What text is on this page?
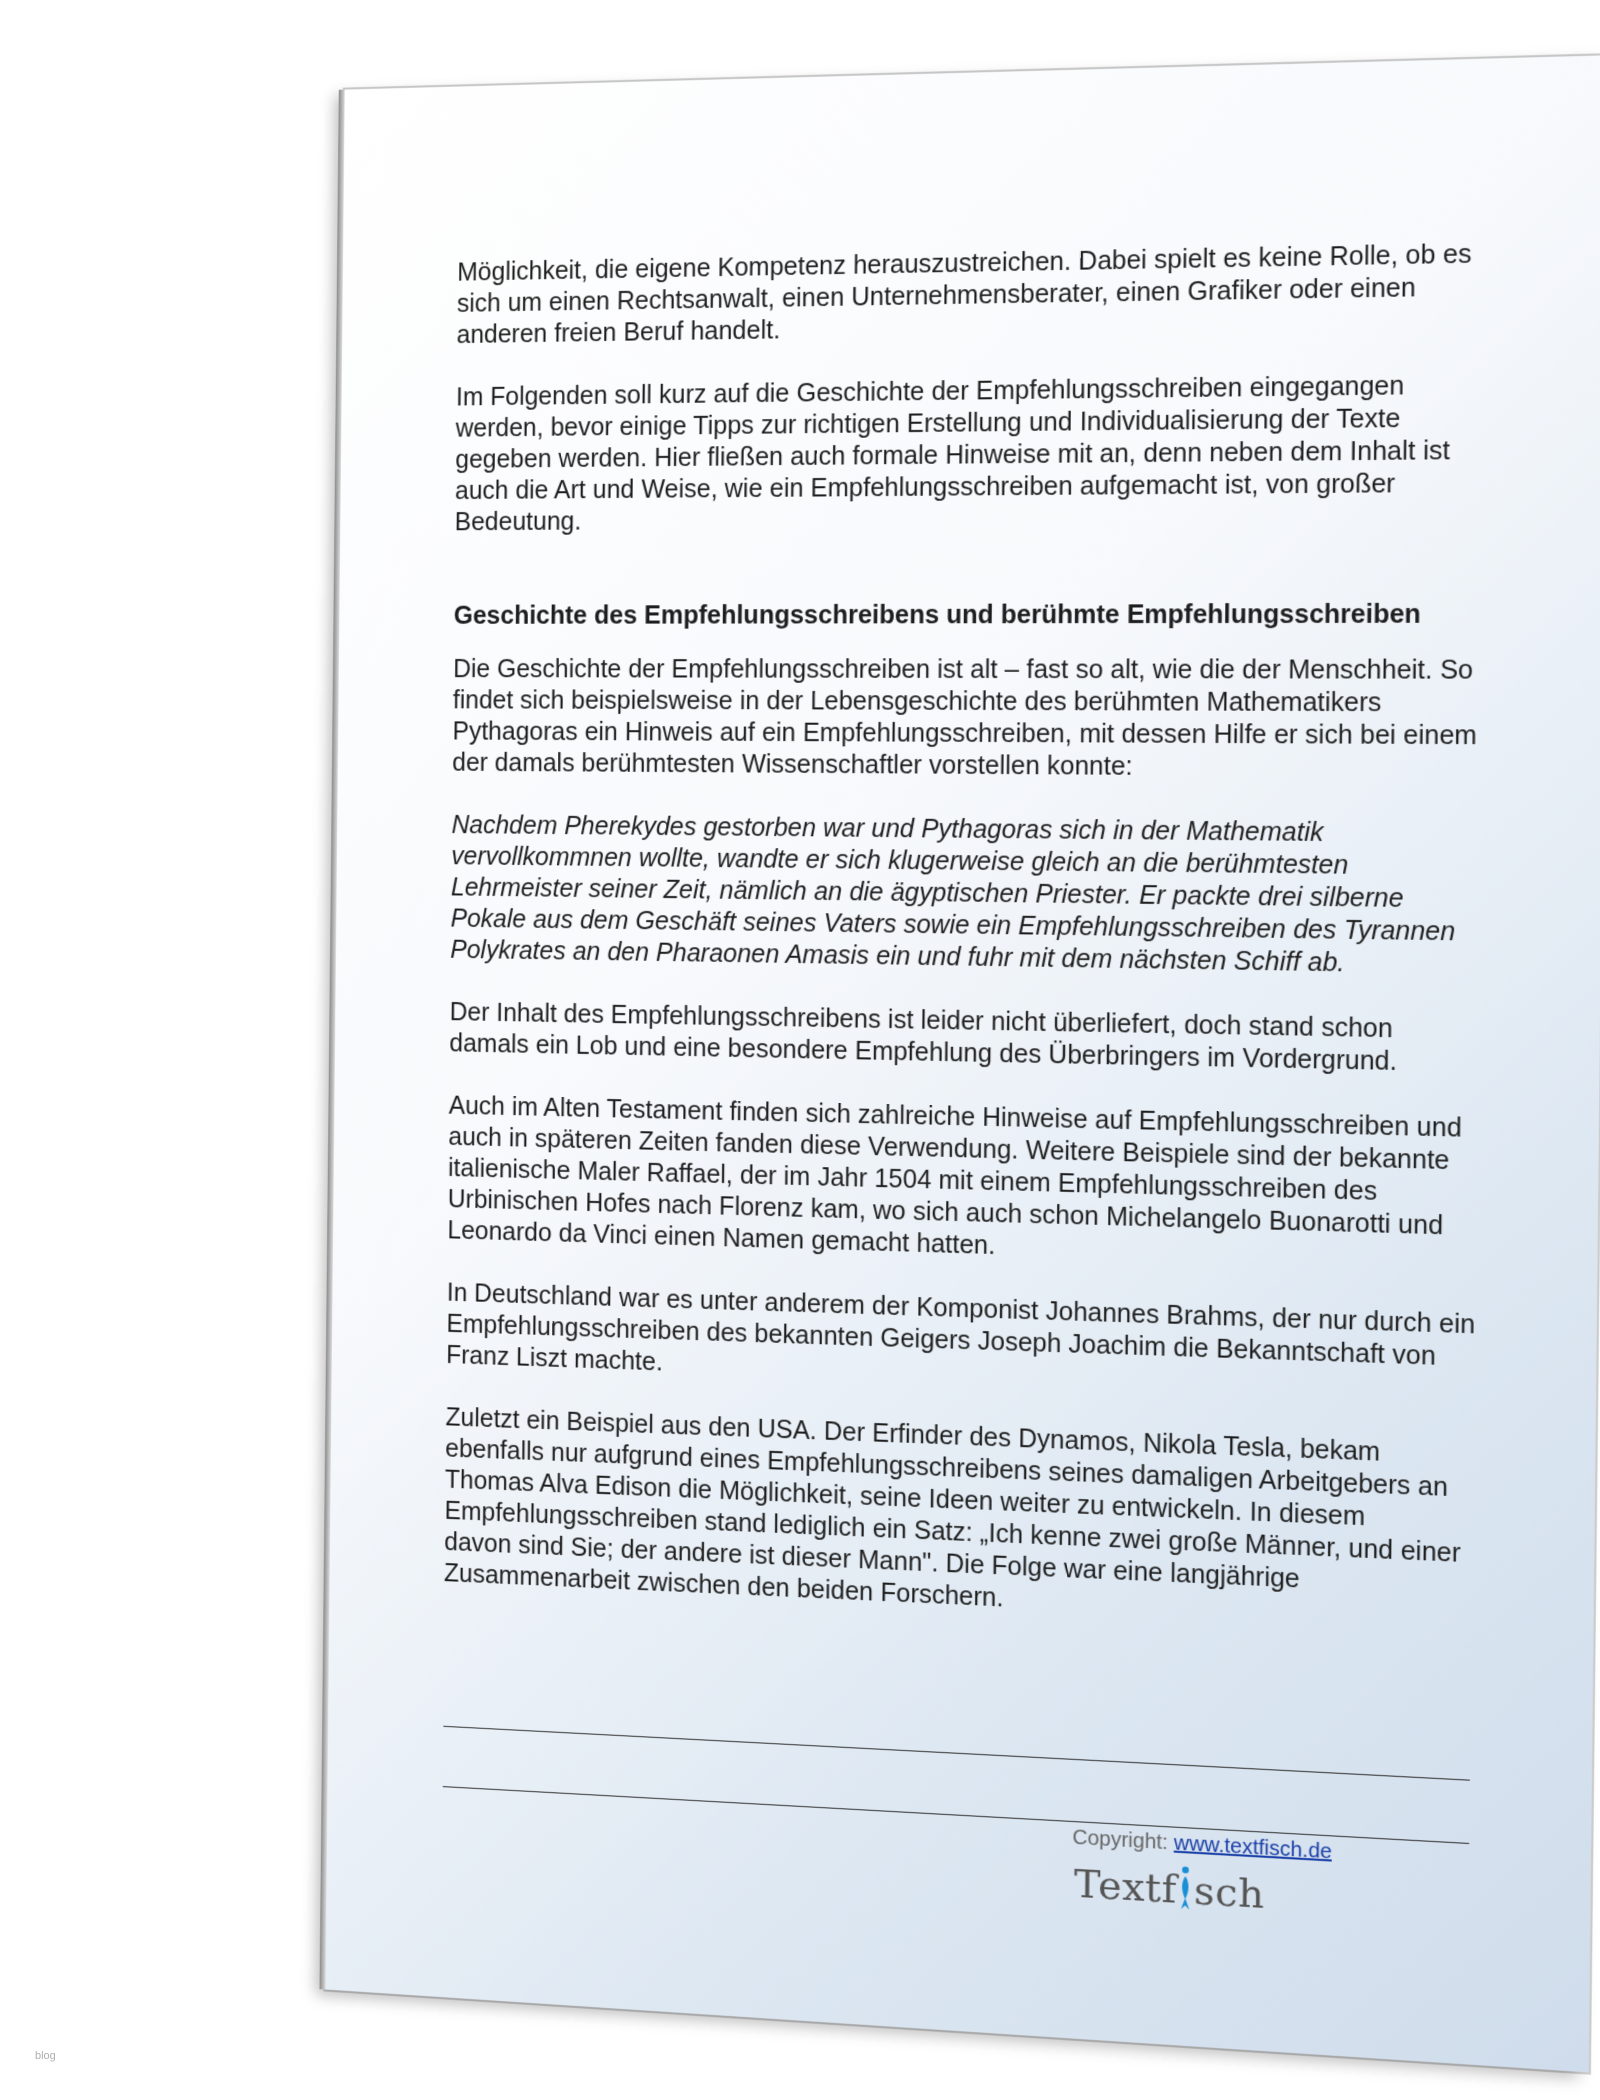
Möglichkeit, die eigene Kompetenz herauszustreichen. Dabei spielt es keine Rolle, ob es sich um einen Rechtsanwalt, einen Unternehmensberater, einen Grafiker oder einen anderen freien Beruf handelt.

Im Folgenden soll kurz auf die Geschichte der Empfehlungsschreiben eingegangen werden, bevor einige Tipps zur richtigen Erstellung und Individualisierung der Texte gegeben werden. Hier fließen auch formale Hinweise mit an, denn neben dem Inhalt ist auch die Art und Weise, wie ein Empfehlungsschreiben aufgemacht ist, von großer Bedeutung.

Geschichte des Empfehlungsschreibens und berühmte Empfehlungsschreiben

Die Geschichte der Empfehlungsschreiben ist alt – fast so alt, wie die der Menschheit. So findet sich beispielsweise in der Lebensgeschichte des berühmten Mathematikers Pythagoras ein Hinweis auf ein Empfehlungsschreiben, mit dessen Hilfe er sich bei einem der damals berühmtesten Wissenschaftler vorstellen konnte:

Nachdem Pherekydes gestorben war und Pythagoras sich in der Mathematik vervollkommnen wollte, wandte er sich klugerweise gleich an die berühmtesten Lehrmeister seiner Zeit, nämlich an die ägyptischen Priester. Er packte drei silberne Pokale aus dem Geschäft seines Vaters sowie ein Empfehlungsschreiben des Tyrannen Polykrates an den Pharaonen Amasis ein und fuhr mit dem nächsten Schiff ab.

Der Inhalt des Empfehlungsschreibens ist leider nicht überliefert, doch stand schon damals ein Lob und eine besondere Empfehlung des Überbringers im Vordergrund.

Auch im Alten Testament finden sich zahlreiche Hinweise auf Empfehlungsschreiben und auch in späteren Zeiten fanden diese Verwendung. Weitere Beispiele sind der bekannte italienische Maler Raffael, der im Jahr 1504 mit einem Empfehlungsschreiben des Urbinischen Hofes nach Florenz kam, wo sich auch schon Michelangelo Buonarotti und Leonardo da Vinci einen Namen gemacht hatten.

In Deutschland war es unter anderem der Komponist Johannes Brahms, der nur durch ein Empfehlungsschreiben des bekannten Geigers Joseph Joachim die Bekanntschaft von Franz Liszt machte.

Zuletzt ein Beispiel aus den USA. Der Erfinder des Dynamos, Nikola Tesla, bekam ebenfalls nur aufgrund eines Empfehlungsschreibens seines damaligen Arbeitgebers an Thomas Alva Edison die Möglichkeit, seine Ideen weiter zu entwickeln. In diesem Empfehlungsschreiben stand lediglich ein Satz: „Ich kenne zwei große Männer, und einer davon sind Sie; der andere ist dieser Mann". Die Folge war eine langjährige Zusammenarbeit zwischen den beiden Forschern.

Copyright: www.textfisch.de
Textf sch
blog
